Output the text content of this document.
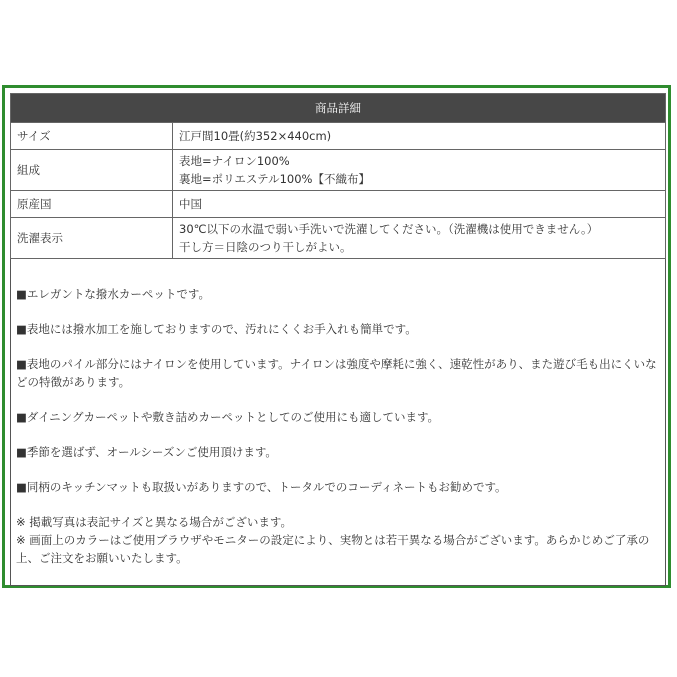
商品詳細	
サイズ	江戸間10畳(約352×440cm)
組成	表地=ナイロン100%
裏地=ポリエステル100%【不織布】
原産国	中国
洗濯表示	30℃以下の水温で弱い手洗いで洗濯してください。（洗濯機は使用できません。）
干し方＝日陰のつり干しがよい。

■エレガントな撥水カーペットです。

■表地には撥水加工を施しておりますので、汚れにくくお手入れも簡単です。

■表地のパイル部分にはナイロンを使用しています。ナイロンは強度や摩耗に強く、速乾性があり、また遊び毛も出にくいなどの特徴があります。

■ダイニングカーペットや敷き詰めカーペットとしてのご使用にも適しています。

■季節を選ばず、オールシーズンご使用頂けます。

■同柄のキッチンマットも取扱いがありますので、トータルでのコーディネートもお勧めです。

※ 掲載写真は表記サイズと異なる場合がございます。

※ 画面上のカラーはご使用ブラウザやモニターの設定により、実物とは若干異なる場合がございます。あらかじめご了承の上、ご注文をお願いいたします。
